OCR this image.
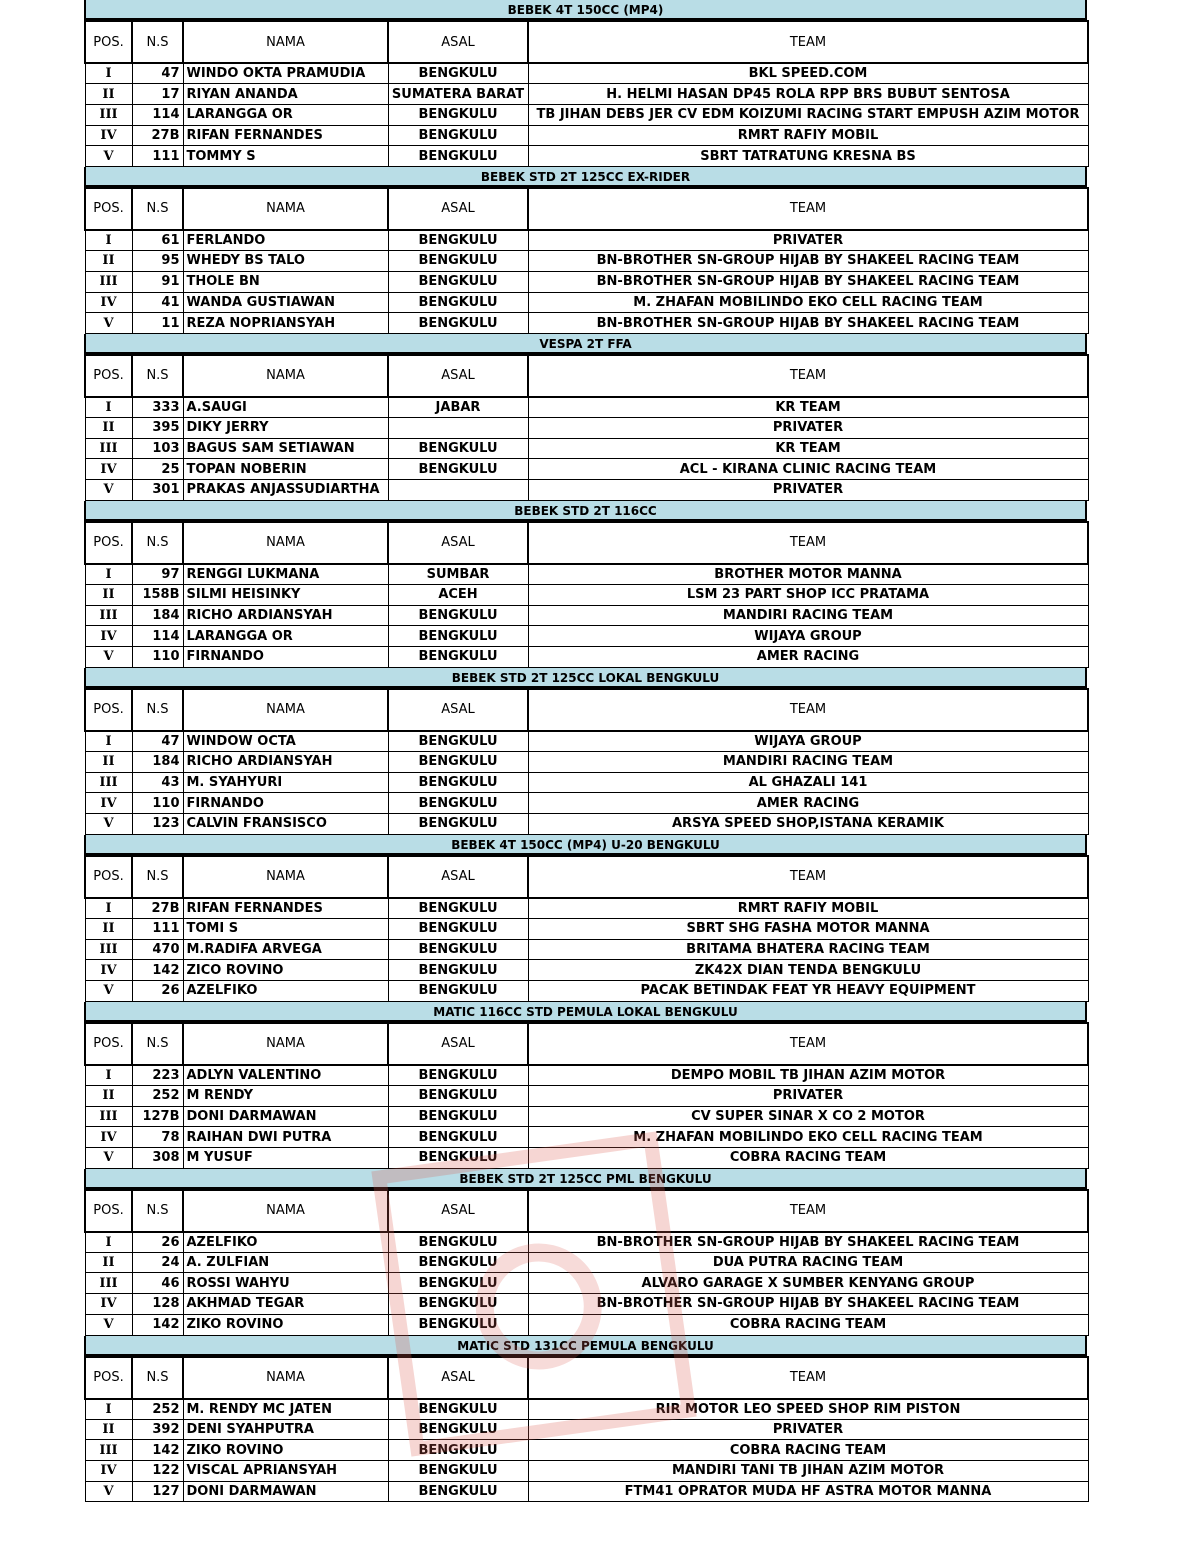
BEBEK 4T 150CC (MP4)
POS.	N.S	NAMA	ASAL	TEAM
I	47	WINDO OKTA PRAMUDIA	BENGKULU	BKL SPEED.COM
II	17	RIYAN ANANDA	SUMATERA BARAT	H. HELMI HASAN DP45 ROLA RPP BRS BUBUT SENTOSA
III	114	LARANGGA OR	BENGKULU	TB JIHAN DEBS JER CV EDM KOIZUMI RACING START EMPUSH AZIM MOTOR
IV	27B	RIFAN FERNANDES	BENGKULU	RMRT RAFIY MOBIL
V	111	TOMMY S	BENGKULU	SBRT TATRATUNG KRESNA BS
BEBEK STD 2T 125CC EX-RIDER
POS.	N.S	NAMA	ASAL	TEAM
I	61	FERLANDO	BENGKULU	PRIVATER
II	95	WHEDY BS TALO	BENGKULU	BN-BROTHER SN-GROUP HIJAB BY SHAKEEL RACING TEAM
III	91	THOLE BN	BENGKULU	BN-BROTHER SN-GROUP HIJAB BY SHAKEEL RACING TEAM
IV	41	WANDA GUSTIAWAN	BENGKULU	M. ZHAFAN MOBILINDO EKO CELL RACING TEAM
V	11	REZA NOPRIANSYAH	BENGKULU	BN-BROTHER SN-GROUP HIJAB BY SHAKEEL RACING TEAM
VESPA 2T FFA
POS.	N.S	NAMA	ASAL	TEAM
I	333	A.SAUGI	JABAR	KR TEAM
II	395	DIKY JERRY		PRIVATER
III	103	BAGUS SAM SETIAWAN	BENGKULU	KR TEAM
IV	25	TOPAN NOBERIN	BENGKULU	ACL - KIRANA CLINIC RACING TEAM
V	301	PRAKAS ANJASSUDIARTHA		PRIVATER
BEBEK STD 2T 116CC
POS.	N.S	NAMA	ASAL	TEAM
I	97	RENGGI LUKMANA	SUMBAR	BROTHER MOTOR MANNA
II	158B	SILMI HEISINKY	ACEH	LSM 23 PART SHOP ICC PRATAMA
III	184	RICHO ARDIANSYAH	BENGKULU	MANDIRI RACING TEAM
IV	114	LARANGGA OR	BENGKULU	WIJAYA GROUP
V	110	FIRNANDO	BENGKULU	AMER RACING
BEBEK STD 2T 125CC LOKAL BENGKULU
POS.	N.S	NAMA	ASAL	TEAM
I	47	WINDOW OCTA	BENGKULU	WIJAYA GROUP
II	184	RICHO ARDIANSYAH	BENGKULU	MANDIRI RACING TEAM
III	43	M. SYAHYURI	BENGKULU	AL GHAZALI 141
IV	110	FIRNANDO	BENGKULU	AMER RACING
V	123	CALVIN FRANSISCO	BENGKULU	ARSYA SPEED SHOP,ISTANA KERAMIK
BEBEK 4T 150CC (MP4) U-20 BENGKULU
POS.	N.S	NAMA	ASAL	TEAM
I	27B	RIFAN FERNANDES	BENGKULU	RMRT RAFIY MOBIL
II	111	TOMI S	BENGKULU	SBRT SHG FASHA MOTOR MANNA
III	470	M.RADIFA ARVEGA	BENGKULU	BRITAMA BHATERA RACING TEAM
IV	142	ZICO ROVINO	BENGKULU	ZK42X DIAN TENDA BENGKULU
V	26	AZELFIKO	BENGKULU	PACAK BETINDAK FEAT YR HEAVY EQUIPMENT
MATIC 116CC STD PEMULA LOKAL BENGKULU
POS.	N.S	NAMA	ASAL	TEAM
I	223	ADLYN VALENTINO	BENGKULU	DEMPO MOBIL TB JIHAN AZIM MOTOR
II	252	M RENDY	BENGKULU	PRIVATER
III	127B	DONI DARMAWAN	BENGKULU	CV SUPER SINAR X CO 2 MOTOR
IV	78	RAIHAN DWI PUTRA	BENGKULU	M. ZHAFAN MOBILINDO EKO CELL RACING TEAM
V	308	M YUSUF	BENGKULU	COBRA RACING TEAM
BEBEK STD 2T 125CC PML BENGKULU
POS.	N.S	NAMA	ASAL	TEAM
I	26	AZELFIKO	BENGKULU	BN-BROTHER SN-GROUP HIJAB BY SHAKEEL RACING TEAM
II	24	A. ZULFIAN	BENGKULU	DUA PUTRA RACING TEAM
III	46	ROSSI WAHYU	BENGKULU	ALVARO GARAGE X SUMBER KENYANG GROUP
IV	128	AKHMAD TEGAR	BENGKULU	BN-BROTHER SN-GROUP HIJAB BY SHAKEEL RACING TEAM
V	142	ZIKO ROVINO	BENGKULU	COBRA RACING TEAM
MATIC STD 131CC PEMULA BENGKULU
POS.	N.S	NAMA	ASAL	TEAM
I	252	M. RENDY MC JATEN	BENGKULU	RIR MOTOR LEO SPEED SHOP RIM PISTON
II	392	DENI SYAHPUTRA	BENGKULU	PRIVATER
III	142	ZIKO ROVINO	BENGKULU	COBRA RACING TEAM
IV	122	VISCAL APRIANSYAH	BENGKULU	MANDIRI TANI TB JIHAN AZIM MOTOR
V	127	DONI DARMAWAN	BENGKULU	FTM41 OPRATOR MUDA HF ASTRA MOTOR MANNA
